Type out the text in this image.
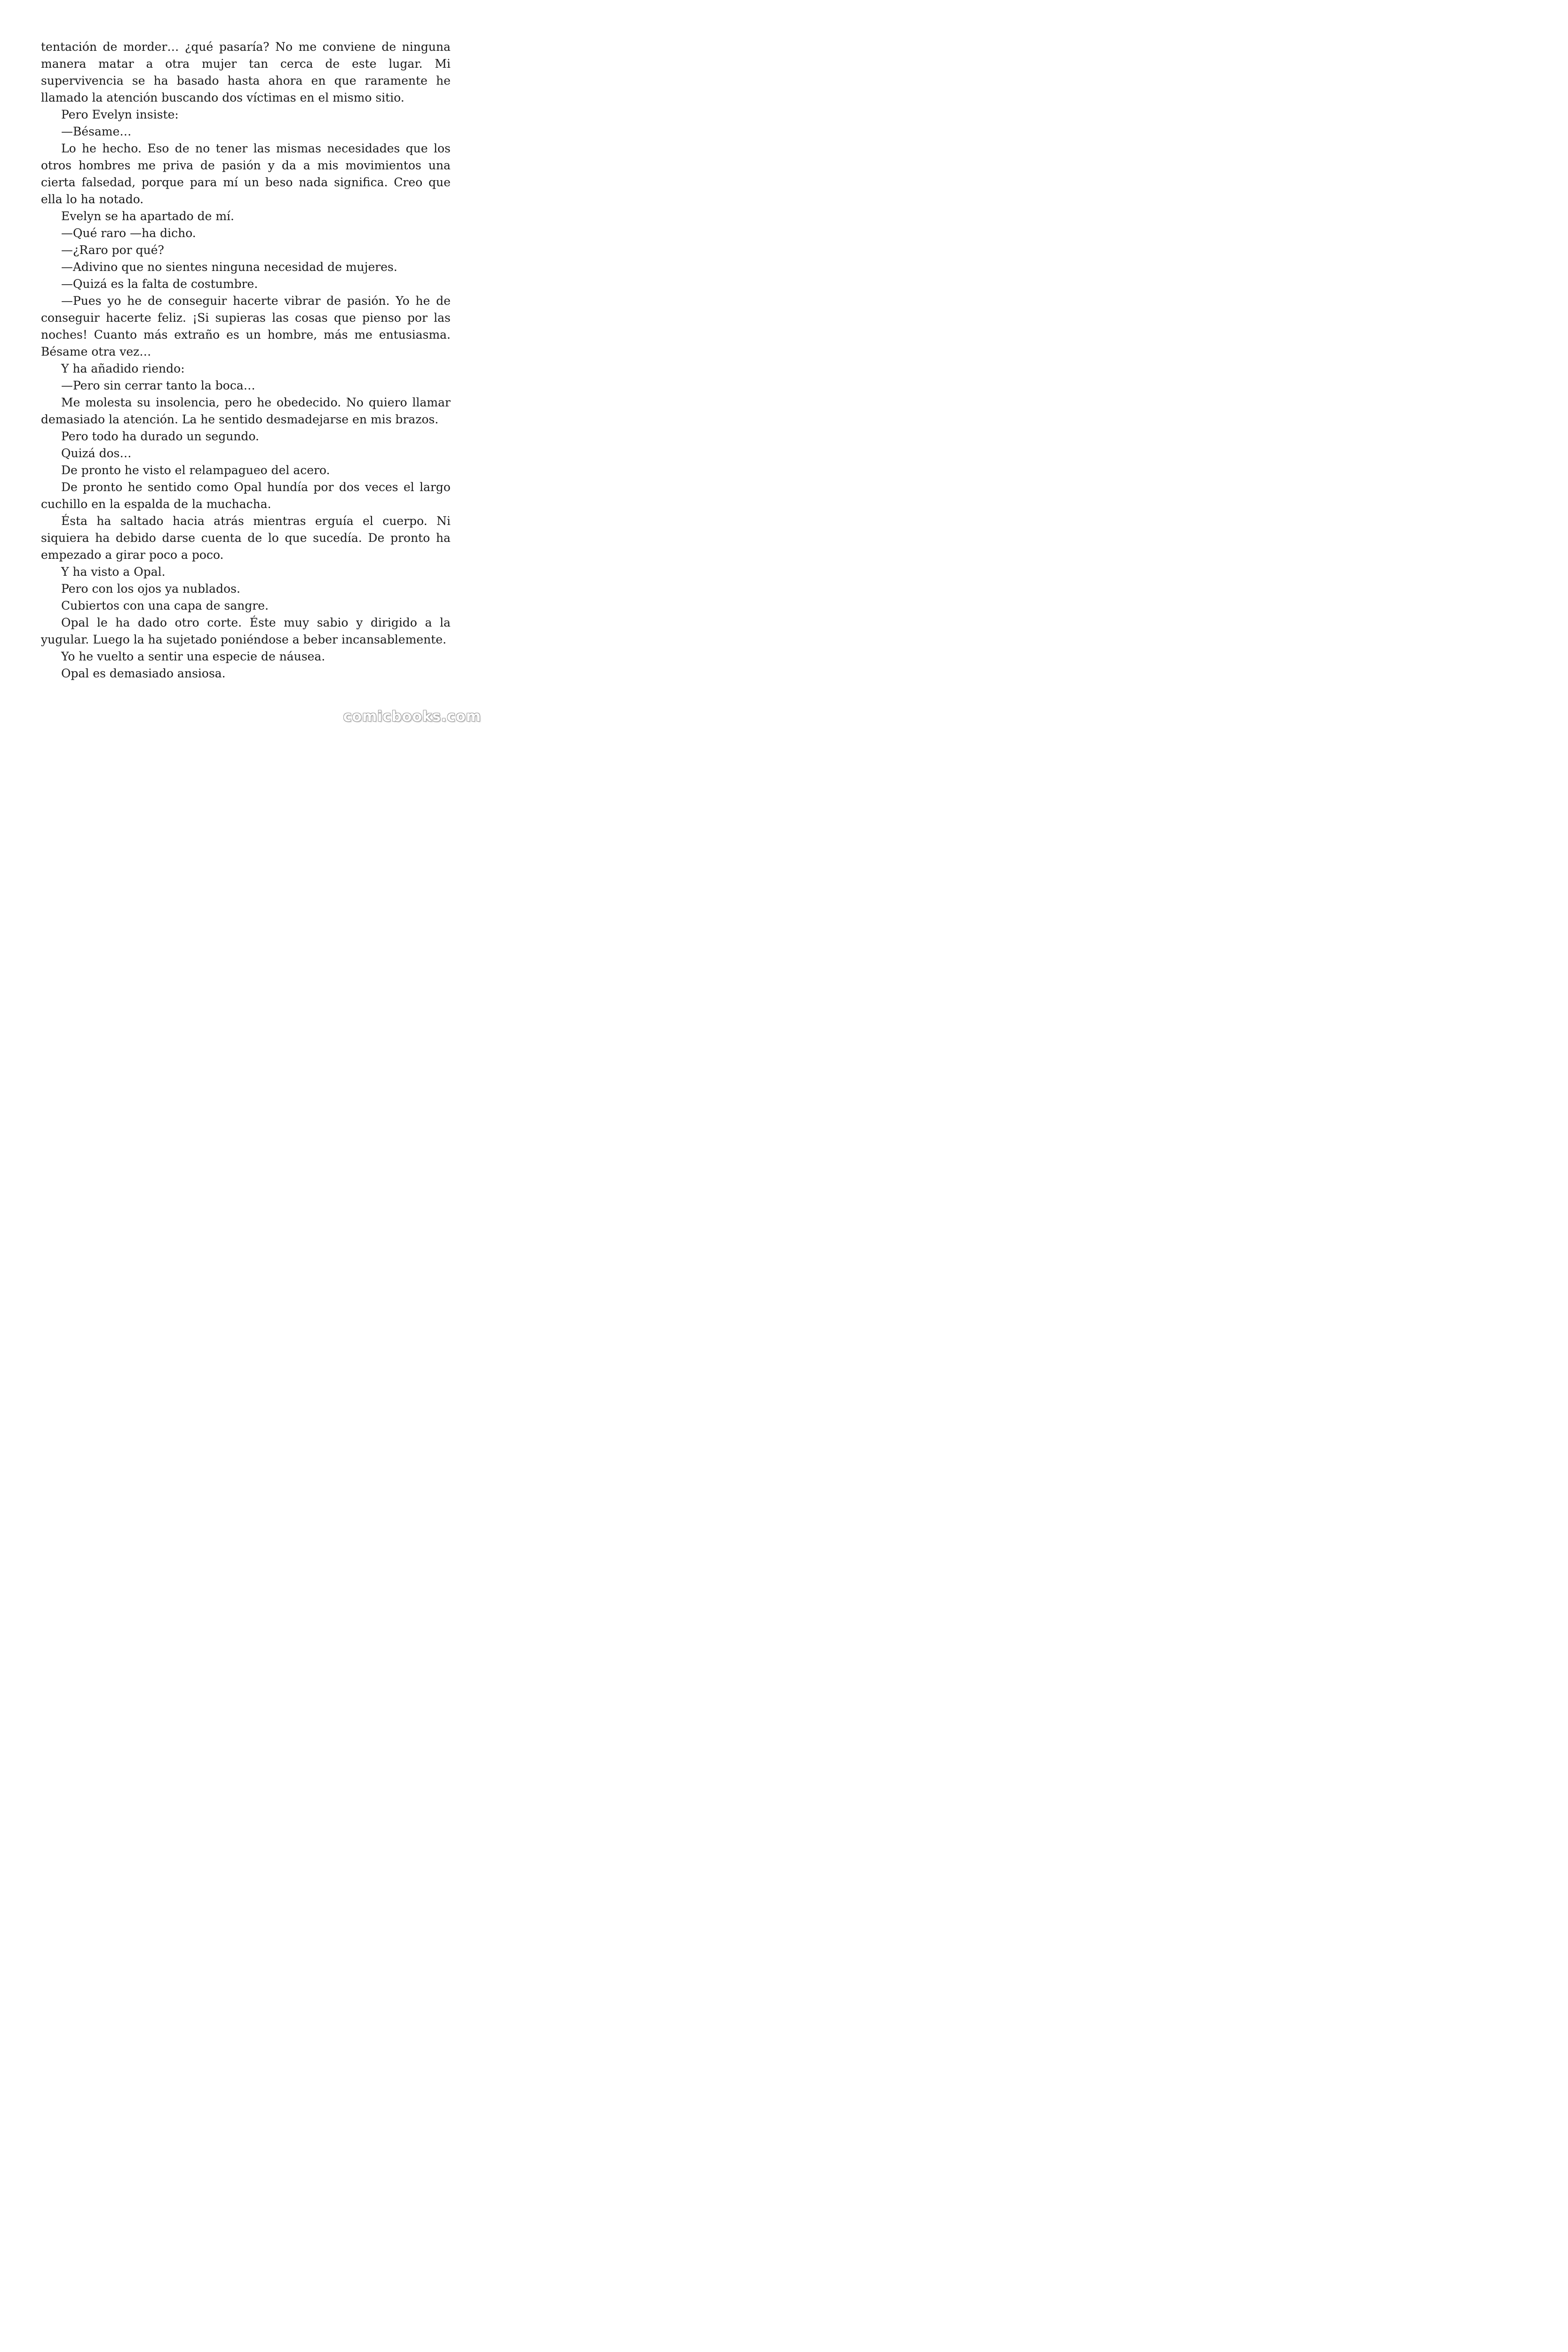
tentación de morder… ¿qué pasaría? No me conviene de ninguna manera matar a otra mujer tan cerca de este lugar. Mi supervivencia se ha basado hasta ahora en que raramente he llamado la atención buscando dos víctimas en el mismo sitio.

Pero Evelyn insiste:

—Bésame…

Lo he hecho. Eso de no tener las mismas necesidades que los otros hombres me priva de pasión y da a mis movimientos una cierta falsedad, porque para mí un beso nada significa. Creo que ella lo ha notado.

Evelyn se ha apartado de mí.

—Qué raro —ha dicho.

—¿Raro por qué?

—Adivino que no sientes ninguna necesidad de mujeres.

—Quizá es la falta de costumbre.

—Pues yo he de conseguir hacerte vibrar de pasión. Yo he de conseguir hacerte feliz. ¡Si supieras las cosas que pienso por las noches! Cuanto más extraño es un hombre, más me entusiasma. Bésame otra vez…

Y ha añadido riendo:

—Pero sin cerrar tanto la boca…

Me molesta su insolencia, pero he obedecido. No quiero llamar demasiado la atención. La he sentido desmadejarse en mis brazos.

Pero todo ha durado un segundo.

Quizá dos…

De pronto he visto el relampagueo del acero.

De pronto he sentido como Opal hundía por dos veces el largo cuchillo en la espalda de la muchacha.

Ésta ha saltado hacia atrás mientras erguía el cuerpo. Ni siquiera ha debido darse cuenta de lo que sucedía. De pronto ha empezado a girar poco a poco.

Y ha visto a Opal.

Pero con los ojos ya nublados.

Cubiertos con una capa de sangre.

Opal le ha dado otro corte. Éste muy sabio y dirigido a la yugular. Luego la ha sujetado poniéndose a beber incansablemente.

Yo he vuelto a sentir una especie de náusea.

Opal es demasiado ansiosa.

comicbooks.com
